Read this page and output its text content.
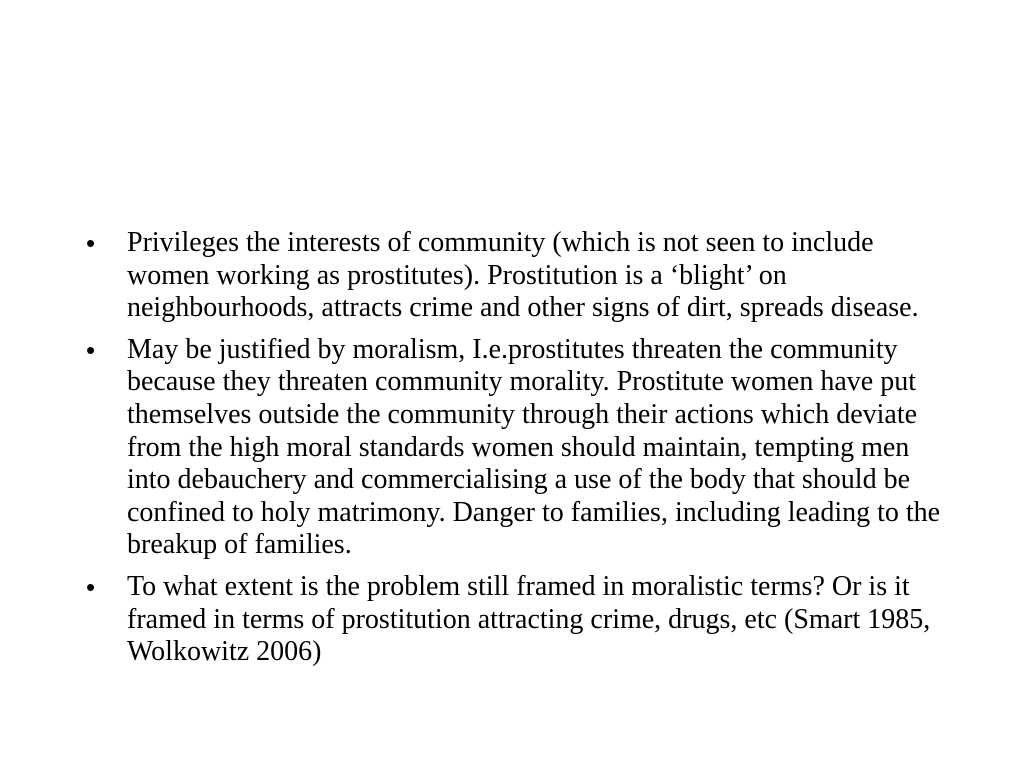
• Privileges the interests of community (which is not seen to include women working as prostitutes). Prostitution is a ‘blight’ on neighbourhoods, attracts crime and other signs of dirt, spreads disease.
• May be justified by moralism, I.e.prostitutes threaten the community because they threaten community morality. Prostitute women have put themselves outside the community through their actions which deviate from the high moral standards women should maintain, tempting men into debauchery and commercialising a use of the body that should be confined to holy matrimony. Danger to families, including leading to the breakup of families.
• To what extent is the problem still framed in moralistic terms? Or is it framed in terms of prostitution attracting crime, drugs, etc (Smart 1985, Wolkowitz 2006)
